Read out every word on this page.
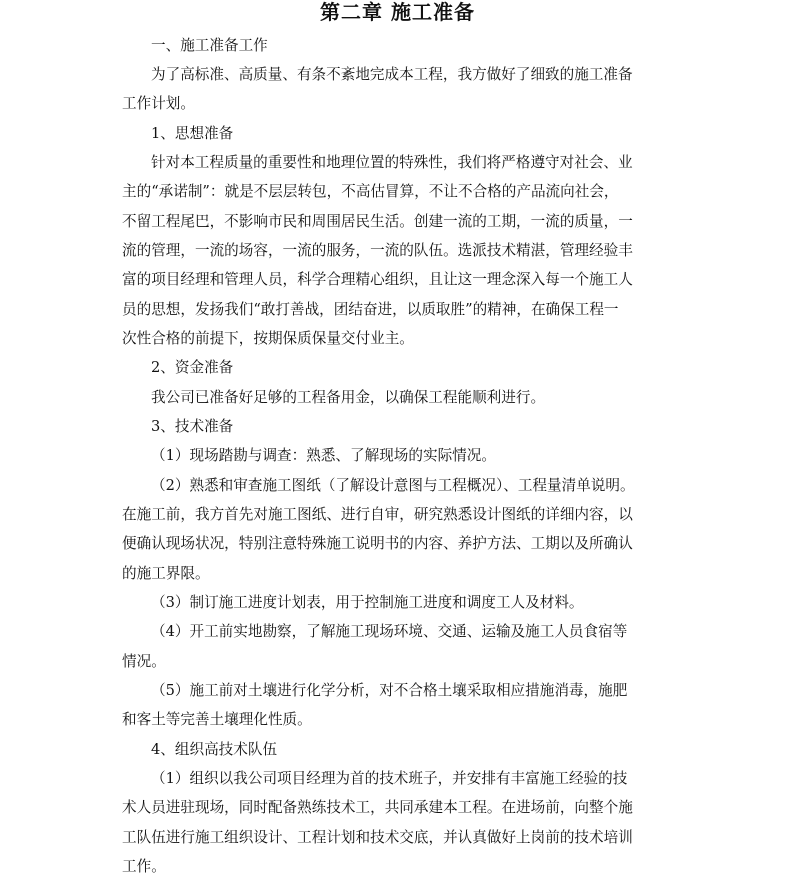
第二章 施工准备
一、施工准备工作
为了高标准、高质量、有条不紊地完成本工程，我方做好了细致的施工准备
工作计划。
1、思想准备
针对本工程质量的重要性和地理位置的特殊性，我们将严格遵守对社会、业
主的“承诺制”：就是不层层转包，不高估冒算，不让不合格的产品流向社会，
不留工程尾巴，不影响市民和周围居民生活。创建一流的工期，一流的质量，一
流的管理，一流的场容，一流的服务，一流的队伍。选派技术精湛，管理经验丰
富的项目经理和管理人员，科学合理精心组织，且让这一理念深入每一个施工人
员的思想，发扬我们“敢打善战，团结奋进，以质取胜”的精神，在确保工程一
次性合格的前提下，按期保质保量交付业主。
2、资金准备
我公司已准备好足够的工程备用金，以确保工程能顺利进行。
3、技术准备
（1）现场踏勘与调查：熟悉、了解现场的实际情况。
（2）熟悉和审查施工图纸（了解设计意图与工程概况）、工程量清单说明。
在施工前，我方首先对施工图纸、进行自审，研究熟悉设计图纸的详细内容，以
便确认现场状况，特别注意特殊施工说明书的内容、养护方法、工期以及所确认
的施工界限。
（3）制订施工进度计划表，用于控制施工进度和调度工人及材料。
（4）开工前实地勘察，了解施工现场环境、交通、运输及施工人员食宿等
情况。
（5）施工前对土壤进行化学分析，对不合格土壤采取相应措施消毒，施肥
和客土等完善土壤理化性质。
4、组织高技术队伍
（1）组织以我公司项目经理为首的技术班子，并安排有丰富施工经验的技
术人员进驻现场，同时配备熟练技术工，共同承建本工程。在进场前，向整个施
工队伍进行施工组织设计、工程计划和技术交底，并认真做好上岗前的技术培训
工作。
